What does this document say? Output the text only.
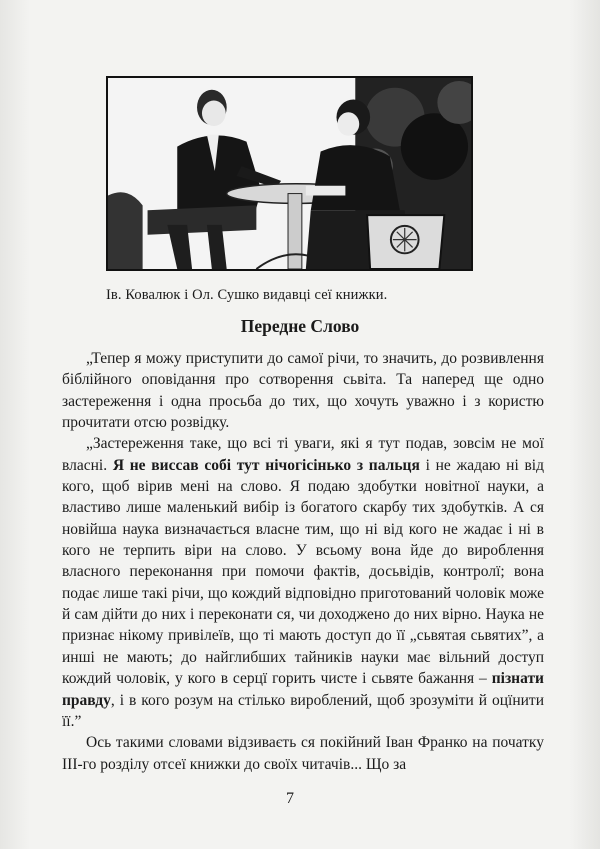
Ів. Ковалюк і Ол. Сушко видавці сеї книжки.
Передне Слово

„Тепер я можу приступити до самої річи, то значить, до розвивлення біблійного оповідання про сотворення сьвіта. Та наперед ще одно застереження і одна просьба до тих, що хочуть уважно і з користю прочитати отсю розвідку.

„Застереження таке, що всі ті уваги, які я тут подав, зовсім не мої власні. Я не виссав собі тут нічогісінько з пальця і не жадаю ні від кого, щоб вірив мені на слово. Я подаю здобутки новітної науки, а властиво лише маленький вибір із богатого скарбу тих здобутків. А ся новійша наука визначається власне тим, що ні від кого не жадає і ні в кого не терпить віри на слово. У всьому вона йде до вироблення власного переконання при помочи фактів, досьвідів, контролї; вона подає лише такі річи, що кождий відповідно приготований чоловік може й сам дійти до них і переконати ся, чи доходжено до них вірно. Наука не признає нікому привілеїв, що ті мають доступ до її „сьвятая сьвятих”, а инші не мають; до найглибших тайників науки має вільний доступ кождий чоловік, у кого в серцї горить чисте і сьвяте бажання – пізнати правду, і в кого розум на стілько вироблений, щоб зрозуміти й оцїнити її.”

Ось такими словами відзиваєть ся покійний Іван Франко на початку III-го розділу отсеї книжки до своїх читачів... Що за

7
